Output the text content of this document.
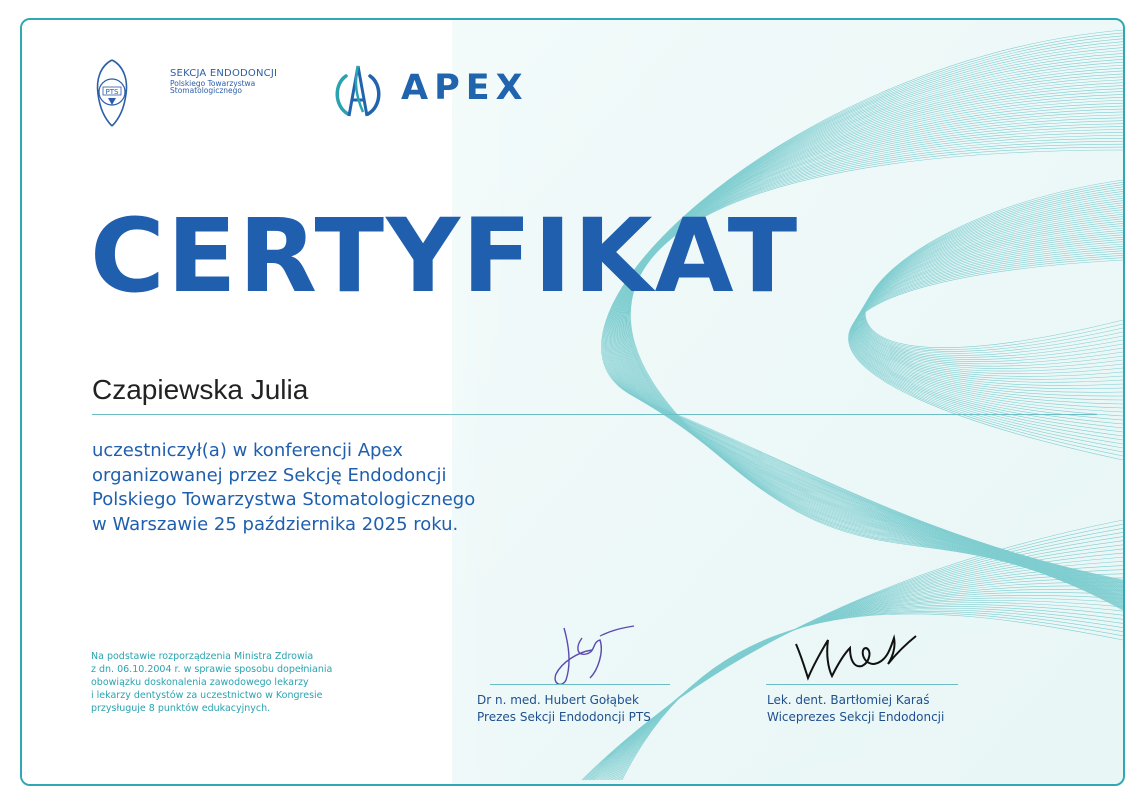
PTS
SEKCJA ENDODONCJI
Polskiego Towarzystwa
Stomatologicznego	APEX
CERTYFIKAT
Czapiewska Julia
uczestniczył(a) w konferencji Apex
organizowanej przez Sekcję Endodoncji
Polskiego Towarzystwa Stomatologicznego
w Warszawie 25 października 2025 roku.
Na podstawie rozporządzenia Ministra Zdrowia
z dn. 06.10.2004 r. w sprawie sposobu dopełniania
obowiązku doskonalenia zawodowego lekarzy
i lekarzy dentystów za uczestnictwo w Kongresie
przysługuje 8 punktów edukacyjnych.
Dr n. med. Hubert Gołąbek
Prezes Sekcji Endodoncji PTS
Lek. dent. Bartłomiej Karaś
Wiceprezes Sekcji Endodoncji
